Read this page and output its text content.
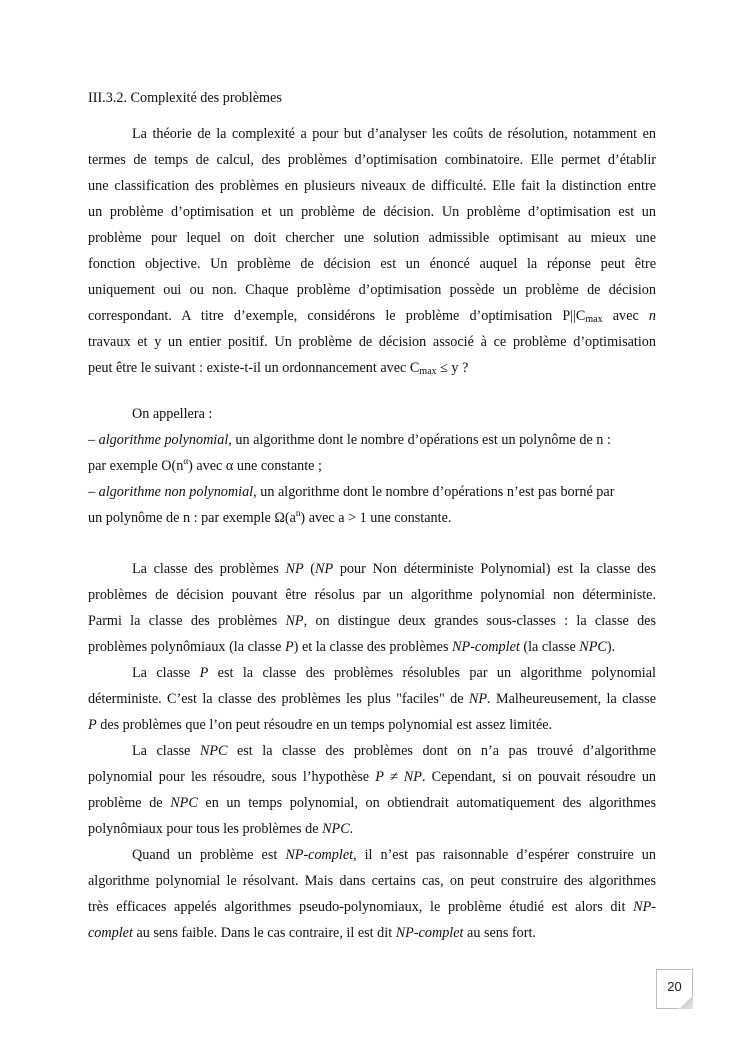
III.3.2. Complexité des problèmes
La théorie de la complexité a pour but d’analyser les coûts de résolution, notamment en
termes de temps de calcul, des problèmes d’optimisation combinatoire. Elle permet d’établir
une classification des problèmes en plusieurs niveaux de difficulté. Elle fait la distinction entre
un problème d’optimisation et un problème de décision. Un problème d’optimisation est un
problème pour lequel on doit chercher une solution admissible optimisant au mieux une
fonction objective. Un problème de décision est un énoncé auquel la réponse peut être
uniquement oui ou non. Chaque problème d’optimisation possède un problème de décision
correspondant. A titre d’exemple, considérons le problème d’optimisation $P||C_{max}$ avec n
travaux et y un entier positif. Un problème de décision associé à ce problème d’optimisation
peut être le suivant : existe-t-il un ordonnancement avec $C_{max} \le y$ ?
On appellera :
– algorithme polynomial, un algorithme dont le nombre d’opérations est un polynôme de n :
par exemple $O(n^\alpha)$ avec α une constante ;
– algorithme non polynomial, un algorithme dont le nombre d’opérations n’est pas borné par
un polynôme de n : par exemple $\Omega(a^n)$ avec a > 1 une constante.
La classe des problèmes NP (NP pour Non déterministe Polynomial) est la classe des
problèmes de décision pouvant être résolus par un algorithme polynomial non déterministe.
Parmi la classe des problèmes NP, on distingue deux grandes sous-classes : la classe des
problèmes polynômiaux (la classe P) et la classe des problèmes NP-complet (la classe NPC).
La classe P est la classe des problèmes résolubles par un algorithme polynomial
déterministe. C’est la classe des problèmes les plus "faciles" de NP. Malheureusement, la classe
P des problèmes que l’on peut résoudre en un temps polynomial est assez limitée.
La classe NPC est la classe des problèmes dont on n’a pas trouvé d’algorithme
polynomial pour les résoudre, sous l’hypothèse P ≠ NP. Cependant, si on pouvait résoudre un
problème de NPC en un temps polynomial, on obtiendrait automatiquement des algorithmes
polynômiaux pour tous les problèmes de NPC.
Quand un problème est NP-complet, il n’est pas raisonnable d’espérer construire un
algorithme polynomial le résolvant. Mais dans certains cas, on peut construire des algorithmes
très efficaces appelés algorithmes pseudo-polynomiaux, le problème étudié est alors dit NP-
complet au sens faible. Dans le cas contraire, il est dit NP-complet au sens fort.
20
